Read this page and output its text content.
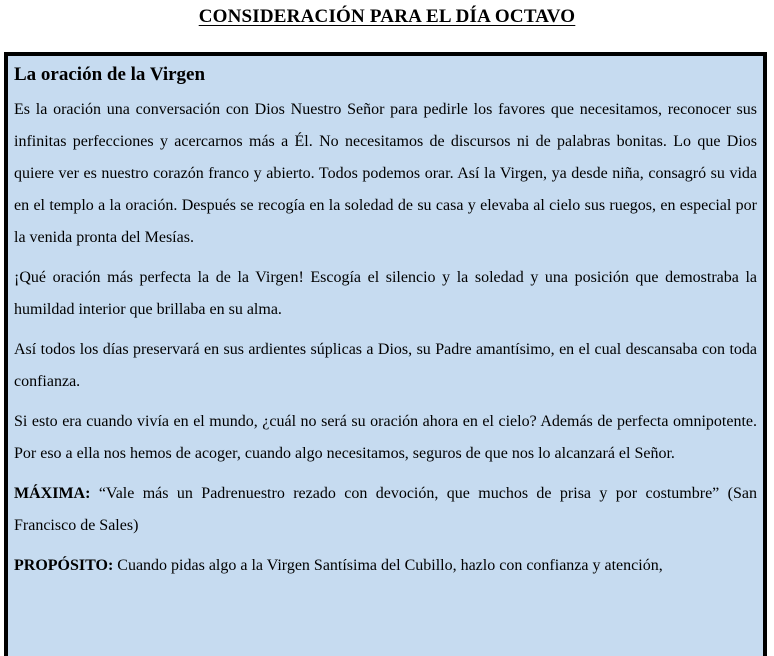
CONSIDERACIÓN PARA EL DÍA OCTAVO
La oración de la Virgen

Es la oración una conversación con Dios Nuestro Señor para pedirle los favores que necesitamos, reconocer sus infinitas perfecciones y acercarnos más a Él. No necesitamos de discursos ni de palabras bonitas. Lo que Dios quiere ver es nuestro corazón franco y abierto. Todos podemos orar. Así la Virgen, ya desde niña, consagró su vida en el templo a la oración. Después se recogía en la soledad de su casa y elevaba al cielo sus ruegos, en especial por la venida pronta del Mesías.

¡Qué oración más perfecta la de la Virgen! Escogía el silencio y la soledad y una posición que demostraba la humildad interior que brillaba en su alma.

Así todos los días preservará en sus ardientes súplicas a Dios, su Padre amantísimo, en el cual descansaba con toda confianza.

Si esto era cuando vivía en el mundo, ¿cuál no será su oración ahora en el cielo? Además de perfecta omnipotente. Por eso a ella nos hemos de acoger, cuando algo necesitamos, seguros de que nos lo alcanzará el Señor.

MÁXIMA: “Vale más un Padrenuestro rezado con devoción, que muchos de prisa y por costumbre” (San Francisco de Sales)

PROPÓSITO: Cuando pidas algo a la Virgen Santísima del Cubillo, hazlo con confianza y atención,
